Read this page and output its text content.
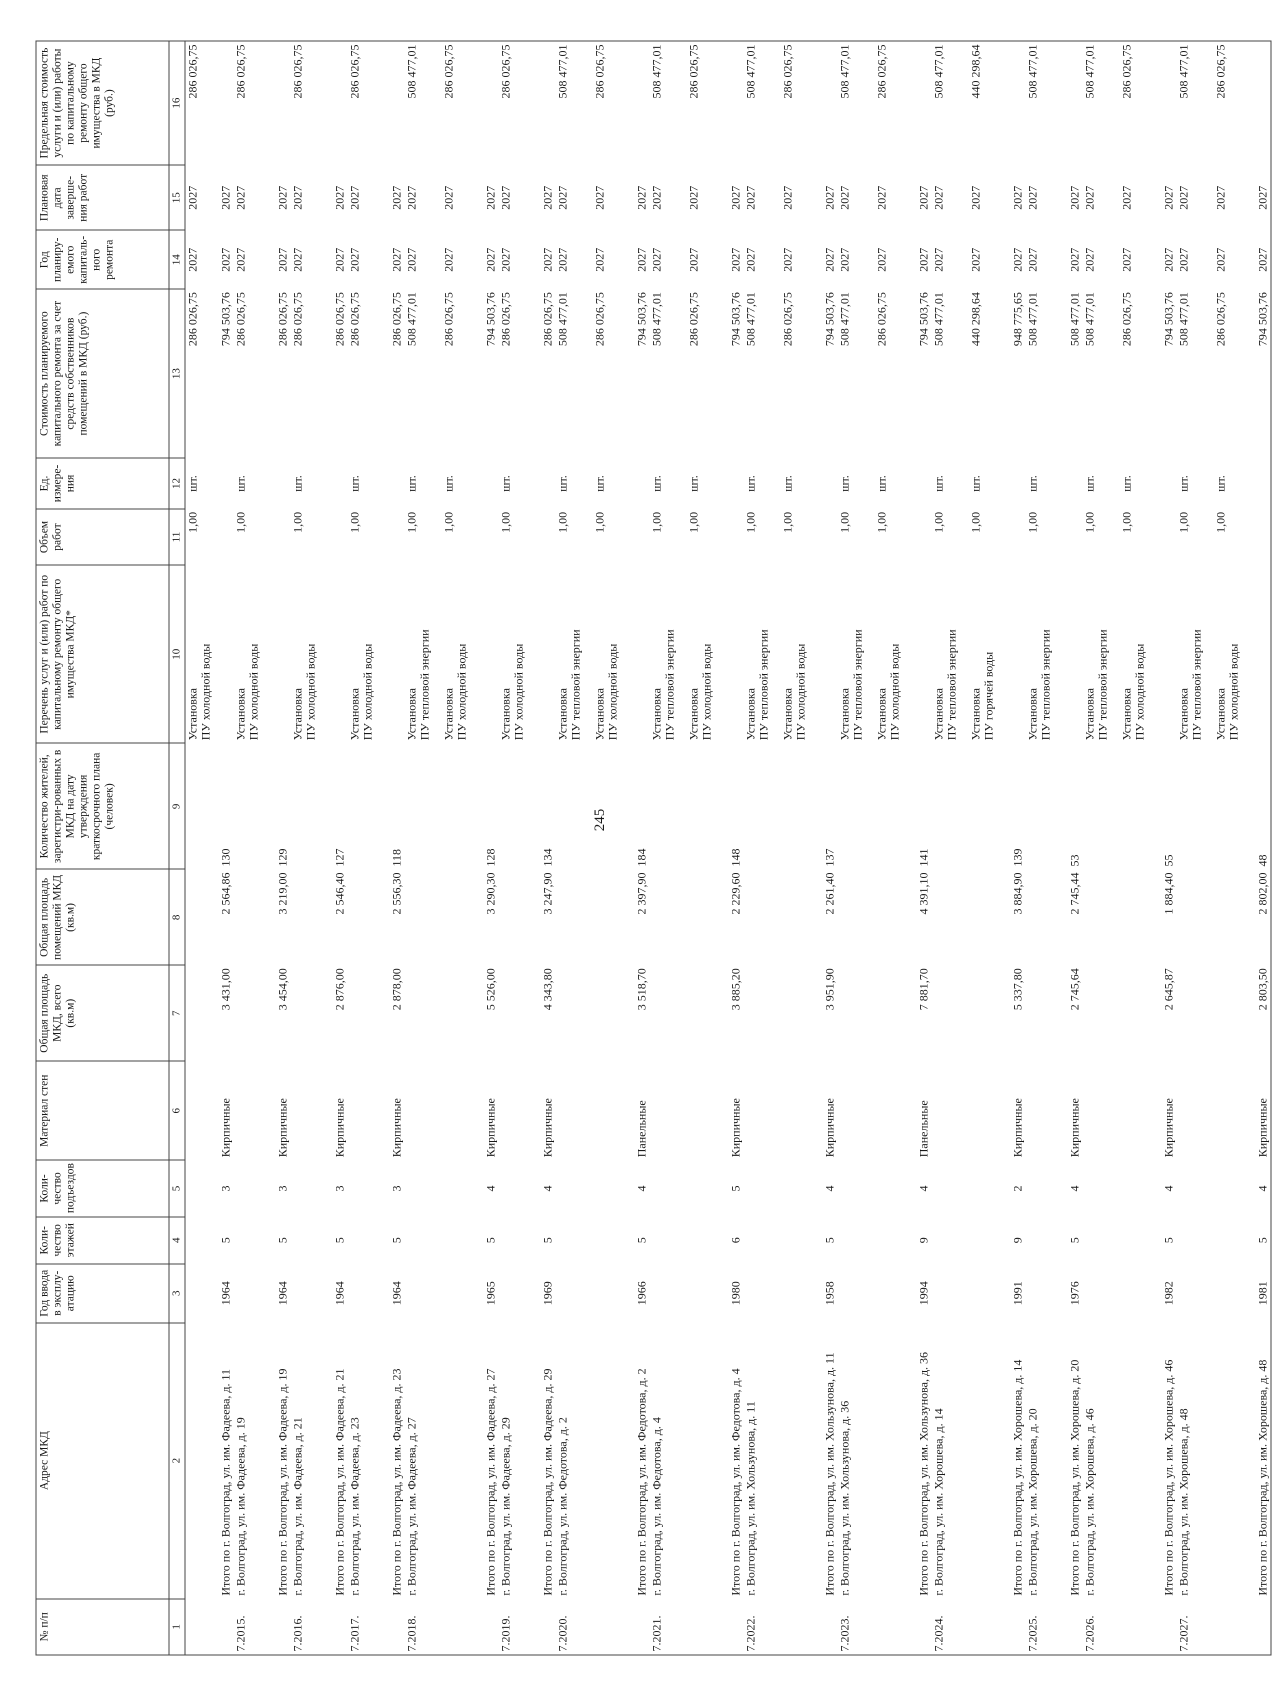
245
№ п/п	Адрес МКД	Год ввода в эксплу-атацию	Коли-чество этажей	Коли-чество подъездов	Материал стен	Общая площадь МКД, всего (кв.м)	Общая площадь помещений МКД (кв.м)	Количество жителей, зарегистри-рованных в МКД на дату утверждения краткосрочного плана (человек)	Перечень услуг и (или) работ по капитальному ремонту общего имущества МКД*	Объем работ	Ед. измере-ния	Стоимость планируемого капитального ремонта за счет средств собственников помещений в МКД (руб.)	Год планиру-емого капиталь-ного ремонта	Плановая дата заверше-ния работ	Предельная стоимость услуги и (или) работы по капитальному ремонту общего имущества в МКД (руб.)
1	2	3	4	5	6	7	8	9	10	11	12	13	14	15	16

									Установка ПУ холодной воды	1,00	шт.	286 026,75	2027	2027	286 026,75
	Итого по г. Волгоград, ул. им. Фадеева, д. 11	1964	5	3	Кирпичные	3 431,00	2 564,86	130				794 503,76	2027	2027	
7.2015.	г. Волгоград, ул. им. Фадеева, д. 19								Установка ПУ холодной воды	1,00	шт.	286 026,75	2027	2027	286 026,75
	Итого по г. Волгоград, ул. им. Фадеева, д. 19	1964	5	3	Кирпичные	3 454,00	3 219,00	129				286 026,75	2027	2027	
7.2016.	г. Волгоград, ул. им. Фадеева, д. 21								Установка ПУ холодной воды	1,00	шт.	286 026,75	2027	2027	286 026,75
	Итого по г. Волгоград, ул. им. Фадеева, д. 21	1964	5	3	Кирпичные	2 876,00	2 546,40	127				286 026,75	2027	2027	
7.2017.	г. Волгоград, ул. им. Фадеева, д. 23								Установка ПУ холодной воды	1,00	шт.	286 026,75	2027	2027	286 026,75
	Итого по г. Волгоград, ул. им. Фадеева, д. 23	1964	5	3	Кирпичные	2 878,00	2 556,30	118				286 026,75	2027	2027	
7.2018.	г. Волгоград, ул. им. Фадеева, д. 27								Установка ПУ тепловой энергии	1,00	шт.	508 477,01	2027	2027	508 477,01

									Установка ПУ холодной воды	1,00	шт.	286 026,75	2027	2027	286 026,75
	Итого по г. Волгоград, ул. им. Фадеева, д. 27	1965	5	4	Кирпичные	5 526,00	3 290,30	128				794 503,76	2027	2027	
7.2019.	г. Волгоград, ул. им. Фадеева, д. 29								Установка ПУ холодной воды	1,00	шт.	286 026,75	2027	2027	286 026,75
	Итого по г. Волгоград, ул. им. Фадеева, д. 29	1969	5	4	Кирпичные	4 343,80	3 247,90	134				286 026,75	2027	2027	
7.2020.	г. Волгоград, ул. им. Федотова, д. 2								Установка ПУ тепловой энергии	1,00	шт.	508 477,01	2027	2027	508 477,01

									Установка ПУ холодной воды	1,00	шт.	286 026,75	2027	2027	286 026,75
	Итого по г. Волгоград, ул. им. Федотова, д. 2	1966	5	4	Панельные	3 518,70	2 397,90	184				794 503,76	2027	2027	
7.2021.	г. Волгоград, ул. им. Федотова, д. 4								Установка ПУ тепловой энергии	1,00	шт.	508 477,01	2027	2027	508 477,01

									Установка ПУ холодной воды	1,00	шт.	286 026,75	2027	2027	286 026,75
	Итого по г. Волгоград, ул. им. Федотова, д. 4	1980	6	5	Кирпичные	3 885,20	2 229,60	148				794 503,76	2027	2027	
7.2022.	г. Волгоград, ул. им. Хользунова, д. 11								Установка ПУ тепловой энергии	1,00	шт.	508 477,01	2027	2027	508 477,01

									Установка ПУ холодной воды	1,00	шт.	286 026,75	2027	2027	286 026,75
	Итого по г. Волгоград, ул. им. Хользунова, д. 11	1958	5	4	Кирпичные	3 951,90	2 261,40	137				794 503,76	2027	2027	
7.2023.	г. Волгоград, ул. им. Хользунова, д. 36								Установка ПУ тепловой энергии	1,00	шт.	508 477,01	2027	2027	508 477,01

									Установка ПУ холодной воды	1,00	шт.	286 026,75	2027	2027	286 026,75
	Итого по г. Волгоград, ул. им. Хользунова, д. 36	1994	9	4	Панельные	7 881,70	4 391,10	141				794 503,76	2027	2027	
7.2024.	г. Волгоград, ул. им. Хорошева, д. 14								Установка ПУ тепловой энергии	1,00	шт.	508 477,01	2027	2027	508 477,01

									Установка ПУ горячей воды	1,00	шт.	440 298,64	2027	2027	440 298,64
	Итого по г. Волгоград, ул. им. Хорошева, д. 14	1991	9	2	Кирпичные	5 337,80	3 884,90	139				948 775,65	2027	2027	
7.2025.	г. Волгоград, ул. им. Хорошева, д. 20								Установка ПУ тепловой энергии	1,00	шт.	508 477,01	2027	2027	508 477,01
	Итого по г. Волгоград, ул. им. Хорошева, д. 20	1976	5	4	Кирпичные	2 745,64	2 745,44	53				508 477,01	2027	2027	
7.2026.	г. Волгоград, ул. им. Хорошева, д. 46								Установка ПУ тепловой энергии	1,00	шт.	508 477,01	2027	2027	508 477,01

									Установка ПУ холодной воды	1,00	шт.	286 026,75	2027	2027	286 026,75
	Итого по г. Волгоград, ул. им. Хорошева, д. 46	1982	5	4	Кирпичные	2 645,87	1 884,40	55				794 503,76	2027	2027	
7.2027.	г. Волгоград, ул. им. Хорошева, д. 48								Установка ПУ тепловой энергии	1,00	шт.	508 477,01	2027	2027	508 477,01

									Установка ПУ холодной воды	1,00	шт.	286 026,75	2027	2027	286 026,75
	Итого по г. Волгоград, ул. им. Хорошева, д. 48	1981	5	4	Кирпичные	2 803,50	2 802,00	48				794 503,76	2027	2027	
